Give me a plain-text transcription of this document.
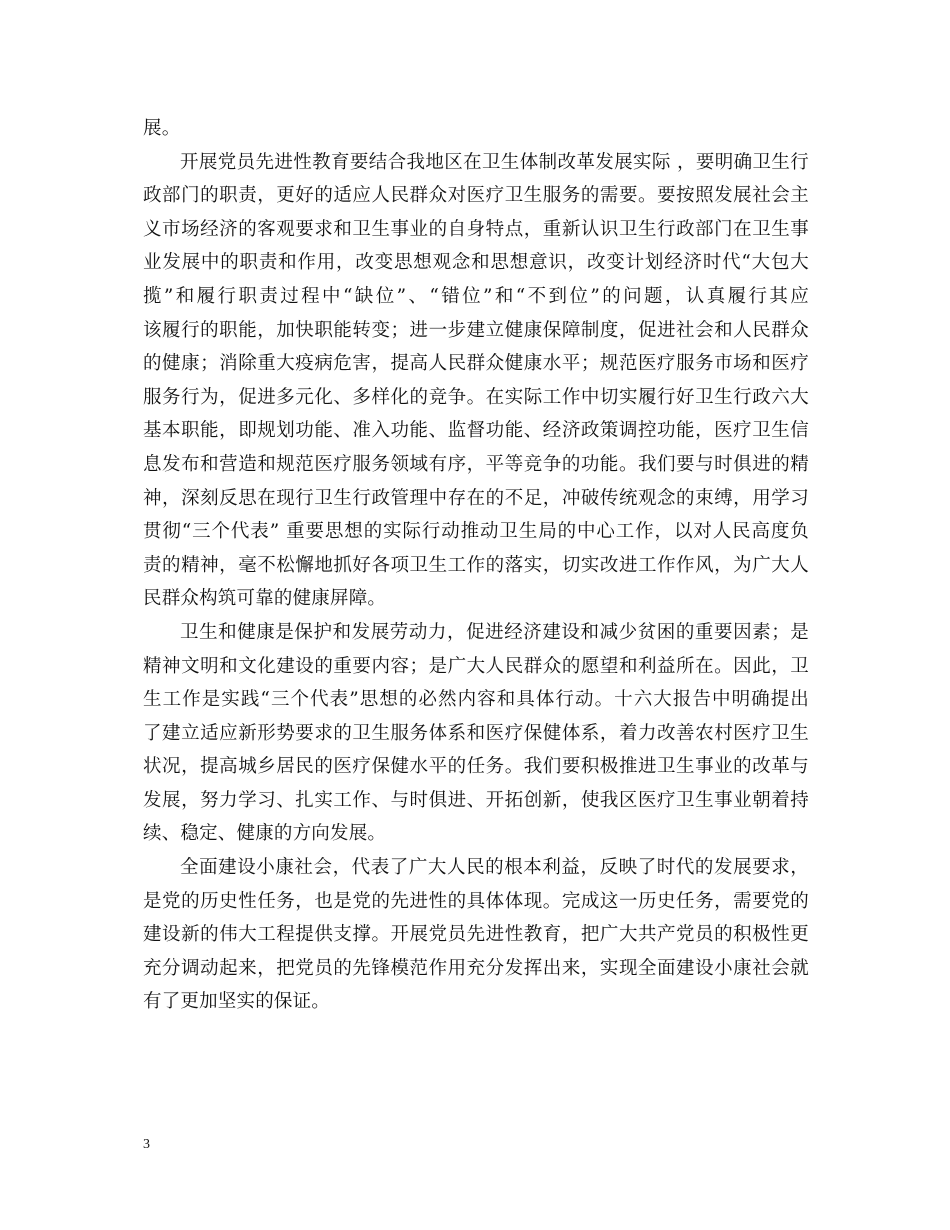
展。
开展党员先进性教育要结合我地区在卫生体制改革发展实际 ，要明确卫生行
政部门的职责，更好的适应人民群众对医疗卫生服务的需要。要按照发展社会主
义市场经济的客观要求和卫生事业的自身特点，重新认识卫生行政部门在卫生事
业发展中的职责和作用，改变思想观念和思想意识，改变计划经济时代“大包大
揽”和履行职责过程中“缺位”、“错位”和“不到位”的问题，认真履行其应
该履行的职能，加快职能转变；进一步建立健康保障制度，促进社会和人民群众
的健康；消除重大疫病危害，提高人民群众健康水平；规范医疗服务市场和医疗
服务行为，促进多元化、多样化的竞争。在实际工作中切实履行好卫生行政六大
基本职能，即规划功能、准入功能、监督功能、经济政策调控功能，医疗卫生信
息发布和营造和规范医疗服务领域有序，平等竞争的功能。我们要与时俱进的精
神，深刻反思在现行卫生行政管理中存在的不足，冲破传统观念的束缚，用学习
贯彻“三个代表” 重要思想的实际行动推动卫生局的中心工作，以对人民高度负
责的精神，毫不松懈地抓好各项卫生工作的落实，切实改进工作作风，为广大人
民群众构筑可靠的健康屏障。
卫生和健康是保护和发展劳动力，促进经济建设和减少贫困的重要因素；是
精神文明和文化建设的重要内容；是广大人民群众的愿望和利益所在。因此，卫
生工作是实践“三个代表”思想的必然内容和具体行动。十六大报告中明确提出
了建立适应新形势要求的卫生服务体系和医疗保健体系，着力改善农村医疗卫生
状况，提高城乡居民的医疗保健水平的任务。我们要积极推进卫生事业的改革与
发展，努力学习、扎实工作、与时俱进、开拓创新，使我区医疗卫生事业朝着持
续、稳定、健康的方向发展。
全面建设小康社会，代表了广大人民的根本利益，反映了时代的发展要求，
是党的历史性任务，也是党的先进性的具体体现。完成这一历史任务，需要党的
建设新的伟大工程提供支撑。开展党员先进性教育，把广大共产党员的积极性更
充分调动起来，把党员的先锋模范作用充分发挥出来，实现全面建设小康社会就
有了更加坚实的保证。
3
